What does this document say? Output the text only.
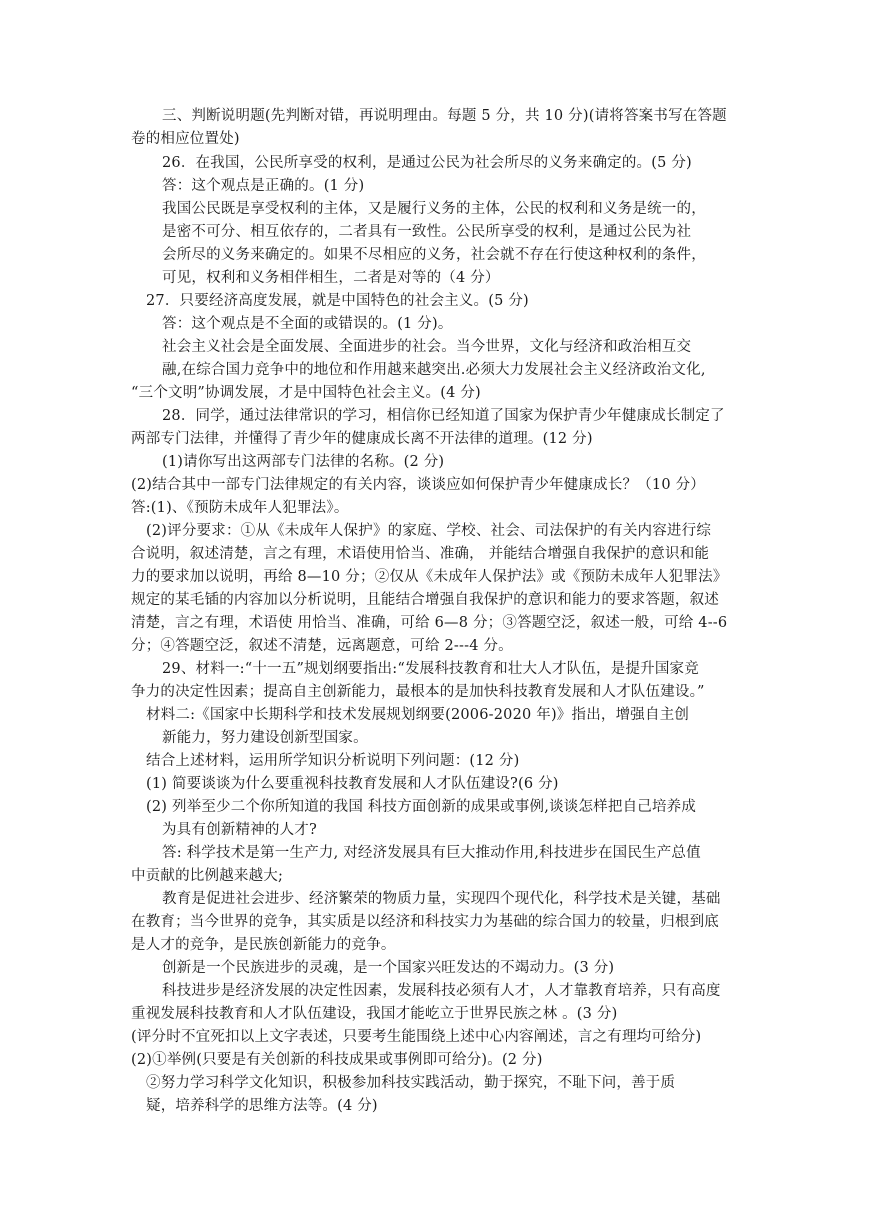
三、判断说明题(先判断对错，再说明理由。每题 5 分，共 10 分)(请将答案书写在答题
卷的相应位置处)
26．在我国，公民所享受的权利，是通过公民为社会所尽的义务来确定的。(5 分)
答：这个观点是正确的。(1 分)
我国公民既是享受权利的主体，又是履行义务的主体，公民的权利和义务是统一的，
是密不可分、相互依存的，二者具有一致性。公民所享受的权利，是通过公民为社
会所尽的义务来确定的。如果不尽相应的义务，社会就不存在行使这种权利的条件，
可见，权利和义务相伴相生，二者是对等的（4 分）
27．只要经济高度发展，就是中国特色的社会主义。(5 分)
答：这个观点是不全面的或错误的。(1 分)。
社会主义社会是全面发展、全面进步的社会。当今世界，文化与经济和政治相互交
融,在综合国力竞争中的地位和作用越来越突出.必须大力发展社会主义经济政治文化,
“三个文明”协调发展，才是中国特色社会主义。(4 分)
28．同学，通过法律常识的学习，相信你已经知道了国家为保护青少年健康成长制定了
两部专门法律，并懂得了青少年的健康成长离不开法律的道理。(12 分)
(1)请你写出这两部专门法律的名称。(2 分)
(2)结合其中一部专门法律规定的有关内容，谈谈应如何保护青少年健康成长？（10 分）
答:(1)、《预防未成年人犯罪法》。
(2)评分要求：①从《未成年人保护》的家庭、学校、社会、司法保护的有关内容进行综
合说明，叙述清楚，言之有理，术语使用恰当、准确， 并能结合增强自我保护的意识和能
力的要求加以说明，再给 8—10 分；②仅从《未成年人保护法》或《预防未成年人犯罪法》
规定的某毛锸的内容加以分析说明，且能结合增强自我保护的意识和能力的要求答题，叙述
清楚，言之有理，术语使 用恰当、准确，可给 6—8 分；③答题空泛，叙述一般，可给 4--6
分；④答题空泛，叙述不清楚，远离题意，可给 2---4 分。
29、材料一:“十一五”规划纲要指出:“发展科技教育和壮大人才队伍，是提升国家竞
争力的决定性因素；提高自主创新能力，最根本的是加快科技教育发展和人才队伍建设。”
材料二:《国家中长期科学和技术发展规划纲要(2006-2020 年)》指出，增强自主创
新能力，努力建设创新型国家。
结合上述材料，运用所学知识分析说明下列问题：(12 分)
(1) 简要谈谈为什么要重视科技教育发展和人才队伍建设?(6 分)
(2) 列举至少二个你所知道的我国 科技方面创新的成果或事例,谈谈怎样把自己培养成
为具有创新精神的人才?
答: 科学技术是第一生产力, 对经济发展具有巨大推动作用,科技进步在国民生产总值
中贡献的比例越来越大;
教育是促进社会进步、经济繁荣的物质力量，实现四个现代化，科学技术是关键，基础
在教育；当今世界的竞争，其实质是以经济和科技实力为基础的综合国力的较量，归根到底
是人才的竞争，是民族创新能力的竞争。
创新是一个民族进步的灵魂，是一个国家兴旺发达的不竭动力。(3 分)
科技进步是经济发展的决定性因素，发展科技必须有人才，人才靠教育培养，只有高度
重视发展科技教育和人才队伍建设，我国才能屹立于世界民族之林 。(3 分)
(评分时不宜死扣以上文字表述，只要考生能围绕上述中心内容阐述，言之有理均可给分)
(2)①举例(只要是有关创新的科技成果或事例即可给分)。(2 分)
②努力学习科学文化知识，积极参加科技实践活动，勤于探究，不耻下问，善于质
疑，培养科学的思维方法等。(4 分)
